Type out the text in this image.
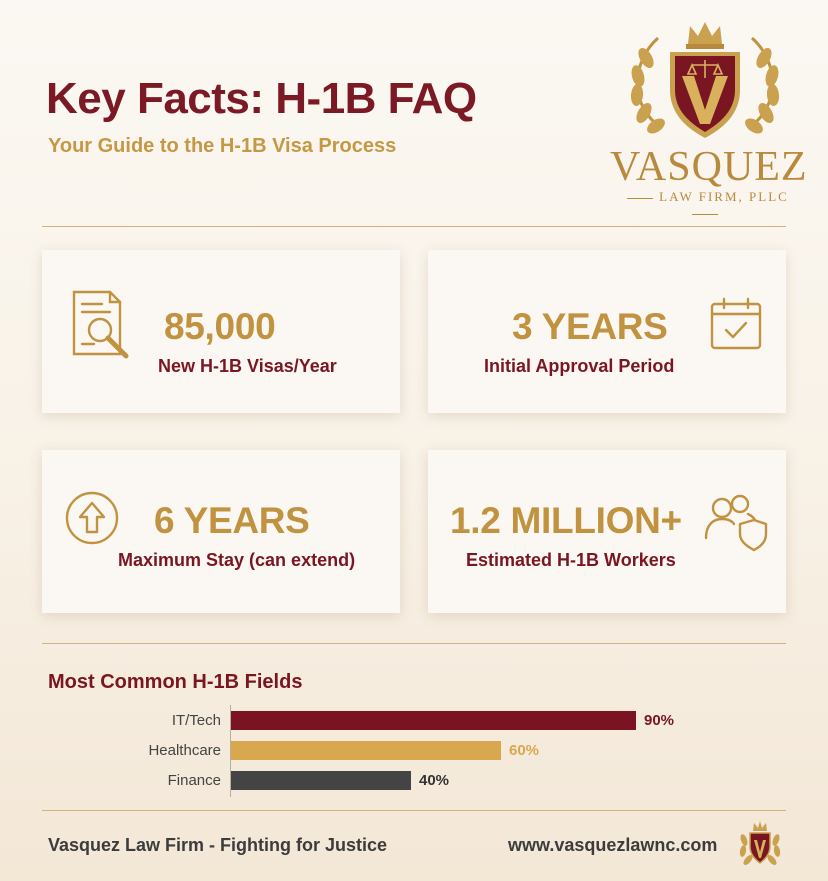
Key Facts: H-1B FAQ
Your Guide to the H-1B Visa Process	VASQUEZ
LAW FIRM, PLLC
85,000
New H-1B Visas/Year
3 YEARS
Initial Approval Period
6 YEARS
Maximum Stay (can extend)
1.2 MILLION+
Estimated H-1B Workers
Most Common H-1B Fields
IT/Tech	90%
Healthcare	60%
Finance	40%
Vasquez Law Firm - Fighting for Justice	www.vasquezlawnc.com
